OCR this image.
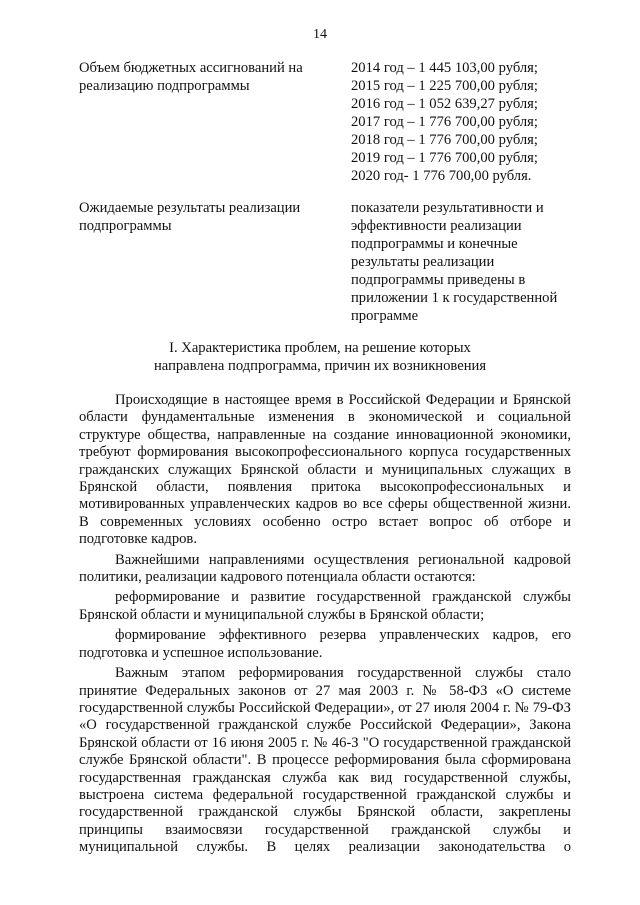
14
Объем бюджетных ассигнований на
реализацию подпрограммы
2014 год – 1 445 103,00 рубля;
2015 год – 1 225 700,00 рубля;
2016 год – 1 052 639,27 рубля;
2017 год – 1 776 700,00 рубля;
2018 год – 1 776 700,00 рубля;
2019 год – 1 776 700,00 рубля;
2020 год- 1 776 700,00 рубля.
Ожидаемые результаты реализации
подпрограммы
показатели результативности и
эффективности реализации
подпрограммы и конечные
результаты реализации
подпрограммы приведены в
приложении 1 к государственной
программе
I. Характеристика проблем, на решение которых
направлена подпрограмма, причин их возникновения

Происходящие в настоящее время в Российской Федерации и Брянской области фундаментальные изменения в экономической и социальной структуре общества, направленные на создание инновационной экономики, требуют формирования высокопрофессионального корпуса государственных гражданских служащих Брянской области и муниципальных служащих в Брянской области, появления притока высокопрофессиональных и мотивированных управленческих кадров во все сферы общественной жизни. В современных условиях особенно остро встает вопрос об отборе и подготовке кадров.

Важнейшими направлениями осуществления региональной кадровой политики, реализации кадрового потенциала области остаются:

реформирование и развитие государственной гражданской службы Брянской области и муниципальной службы в Брянской области;

формирование эффективного резерва управленческих кадров, его подготовка и успешное использование.

Важным этапом реформирования государственной службы стало принятие Федеральных законов от 27 мая 2003 г. № 58-ФЗ «О системе государственной службы Российской Федерации», от 27 июля 2004 г. № 79-ФЗ «О государственной гражданской службе Российской Федерации», Закона Брянской области от 16 июня 2005 г. № 46-З "О государственной гражданской службе Брянской области". В процессе реформирования была сформирована государственная гражданская служба как вид государственной службы, выстроена система федеральной государственной гражданской службы и государственной гражданской службы Брянской области, закреплены принципы взаимосвязи государственной гражданской службы и муниципальной службы. В целях реализации законодательства о
